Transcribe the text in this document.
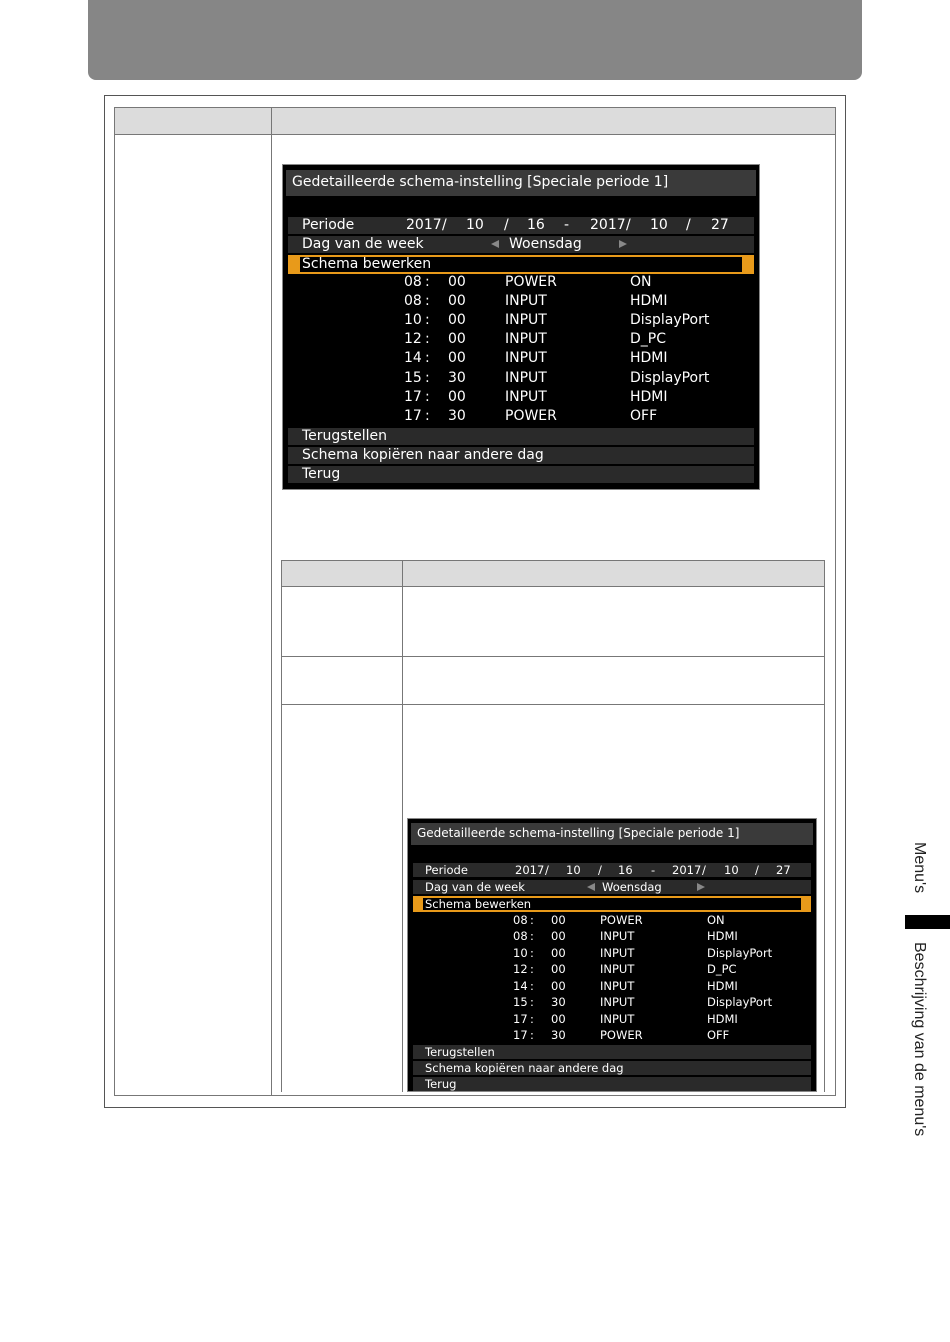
Gedetailleerde schema-instelling [Speciale periode 1]
Periode	2017 / 10 / 16 - 2017 / 10 / 27
Dag van de week	Woensdag
Schema bewerken
08 : 00	POWER	ON
08 : 00	INPUT	HDMI
10 : 00	INPUT	DisplayPort
12 : 00	INPUT	D_PC
14 : 00	INPUT	HDMI
15 : 30	INPUT	DisplayPort
17 : 00	INPUT	HDMI
17 : 30	POWER	OFF
Terugstellen
Schema kopiëren naar andere dag
Terug
Gedetailleerde schema-instelling [Speciale periode 1]
Periode	2017 / 10 / 16 - 2017 / 10 / 27
Dag van de week	Woensdag
Schema bewerken
08 : 00	POWER	ON
08 : 00	INPUT	HDMI
10 : 00	INPUT	DisplayPort
12 : 00	INPUT	D_PC
14 : 00	INPUT	HDMI
15 : 30	INPUT	DisplayPort
17 : 00	INPUT	HDMI
17 : 30	POWER	OFF
Terugstellen
Schema kopiëren naar andere dag
Terug
Menu's
Beschrijving van de menu's
